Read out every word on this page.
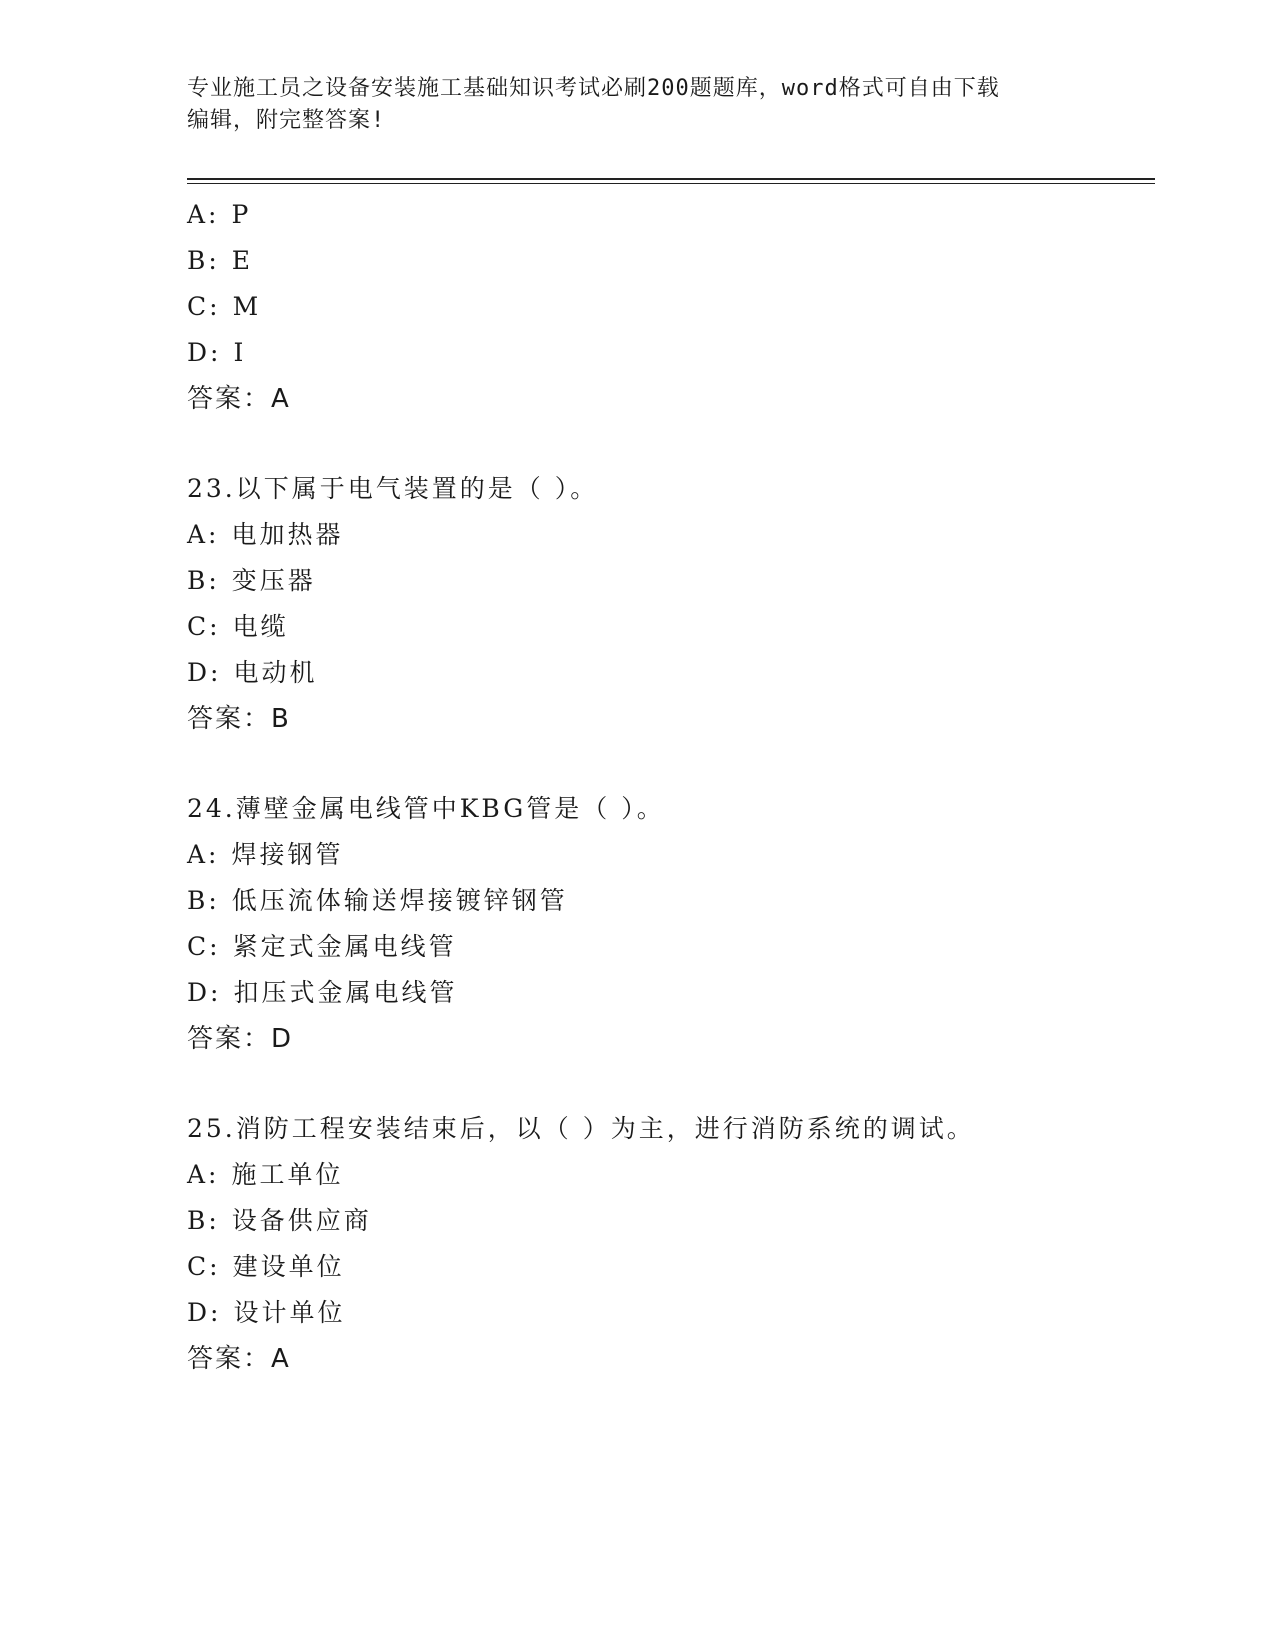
专业施工员之设备安装施工基础知识考试必刷200题题库，word格式可自由下载
编辑，附完整答案!
A: P
B: E
C: M
D: I
答案：A
23.以下属于电气装置的是（ ）。
A: 电加热器
B: 变压器
C: 电缆
D: 电动机
答案：B
24.薄壁金属电线管中KBG管是（ ）。
A: 焊接钢管
B: 低压流体输送焊接镀锌钢管
C: 紧定式金属电线管
D: 扣压式金属电线管
答案：D
25.消防工程安装结束后，以（ ）为主，进行消防系统的调试。
A: 施工单位
B: 设备供应商
C: 建设单位
D: 设计单位
答案：A
